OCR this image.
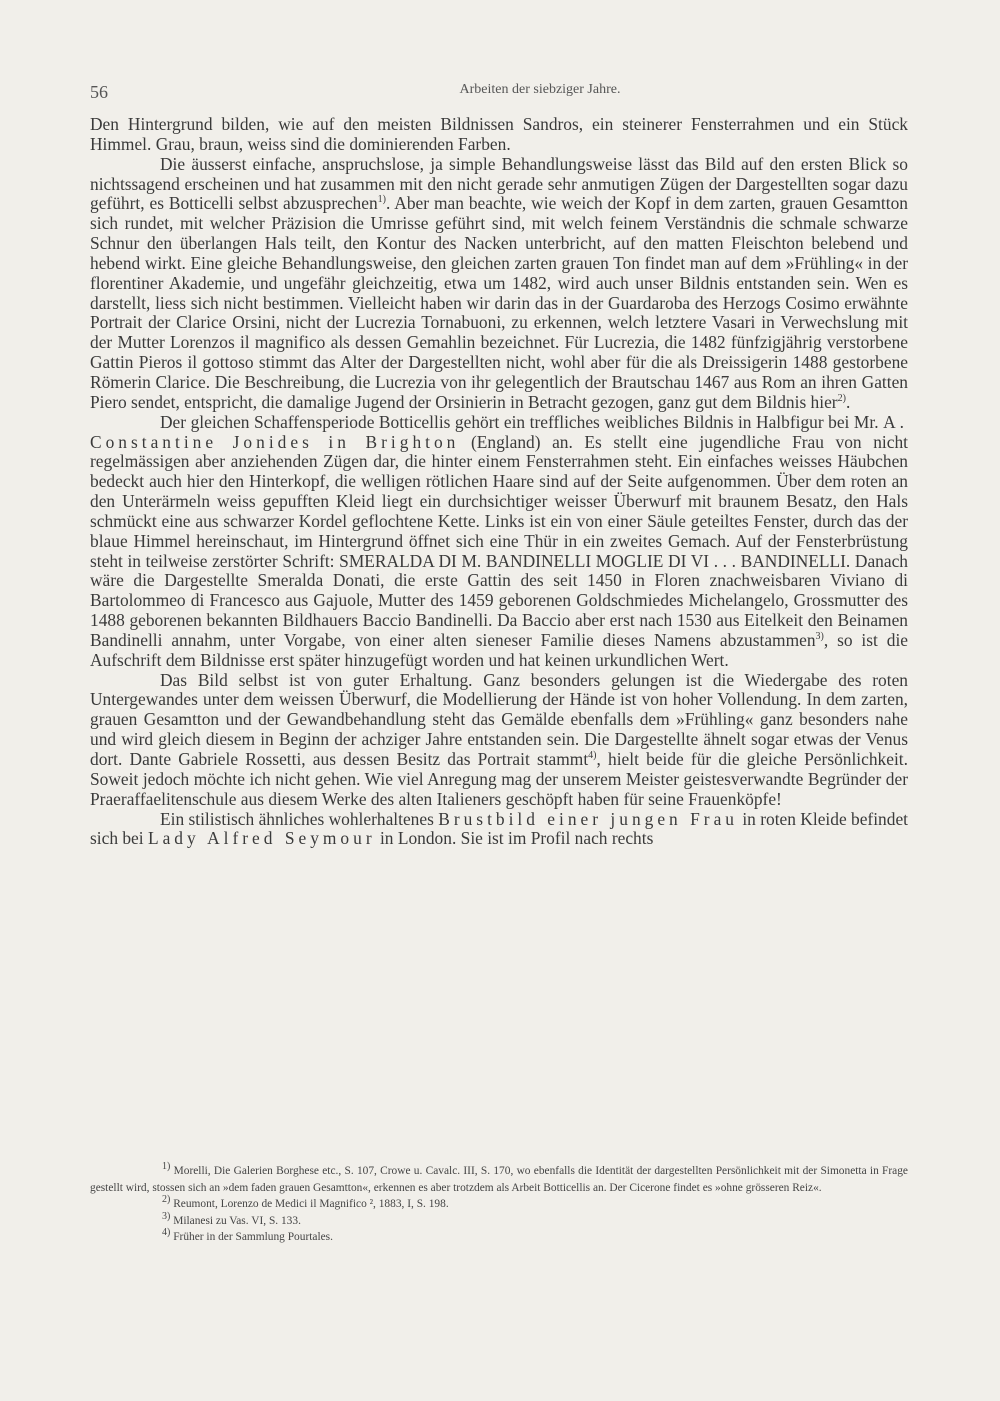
56	Arbeiten der siebziger Jahre.

Den Hintergrund bilden, wie auf den meisten Bildnissen Sandros, ein steinerer Fensterrahmen und ein Stück Himmel. Grau, braun, weiss sind die dominierenden Farben.

Die äusserst einfache, anspruchslose, ja simple Behandlungsweise lässt das Bild auf den ersten Blick so nichtssagend erscheinen und hat zusammen mit den nicht gerade sehr anmutigen Zügen der Dargestellten sogar dazu geführt, es Botticelli selbst abzusprechen$^{1)}$. Aber man beachte, wie weich der Kopf in dem zarten, grauen Gesamtton sich rundet, mit welcher Präzision die Umrisse geführt sind, mit welch feinem Verständnis die schmale schwarze Schnur den überlangen Hals teilt, den Kontur des Nacken unterbricht, auf den matten Fleischton belebend und hebend wirkt. Eine gleiche Behandlungsweise, den gleichen zarten grauen Ton findet man auf dem »Frühling« in der florentiner Akademie, und ungefähr gleichzeitig, etwa um 1482, wird auch unser Bildnis entstanden sein. Wen es darstellt, liess sich nicht bestimmen. Vielleicht haben wir darin das in der Guardaroba des Herzogs Cosimo erwähnte Portrait der Clarice Orsini, nicht der Lucrezia Tornabuoni, zu erkennen, welch letztere Vasari in Verwechslung mit der Mutter Lorenzos il magnifico als dessen Gemahlin bezeichnet. Für Lucrezia, die 1482 fünfzigjährig verstorbene Gattin Pieros il gottoso stimmt das Alter der Dargestellten nicht, wohl aber für die als Dreissigerin 1488 gestorbene Römerin Clarice. Die Beschreibung, die Lucrezia von ihr gelegentlich der Brautschau 1467 aus Rom an ihren Gatten Piero sendet, entspricht, die damalige Jugend der Orsinierin in Betracht gezogen, ganz gut dem Bildnis hier$^{2)}$.

Der gleichen Schaffensperiode Botticellis gehört ein treffliches weibliches Bildnis in Halbfigur bei Mr. A. Constantine Jonides in Brighton (England) an. Es stellt eine jugendliche Frau von nicht regelmässigen aber anziehenden Zügen dar, die hinter einem Fensterrahmen steht. Ein einfaches weisses Häubchen bedeckt auch hier den Hinterkopf, die welligen rötlichen Haare sind auf der Seite aufgenommen. Über dem roten an den Unterärmeln weiss gepufften Kleid liegt ein durchsichtiger weisser Überwurf mit braunem Besatz, den Hals schmückt eine aus schwarzer Kordel geflochtene Kette. Links ist ein von einer Säule geteiltes Fenster, durch das der blaue Himmel hereinschaut, im Hintergrund öffnet sich eine Thür in ein zweites Gemach. Auf der Fensterbrüstung steht in teilweise zerstörter Schrift: SMERALDA DI M. BANDINELLI MOGLIE DI VI . . . BANDINELLI. Danach wäre die Dargestellte Smeralda Donati, die erste Gattin des seit 1450 in Floren znachweisbaren Viviano di Bartolommeo di Francesco aus Gajuole, Mutter des 1459 geborenen Goldschmiedes Michelangelo, Grossmutter des 1488 geborenen bekannten Bildhauers Baccio Bandinelli. Da Baccio aber erst nach 1530 aus Eitelkeit den Beinamen Bandinelli annahm, unter Vorgabe, von einer alten sieneser Familie dieses Namens abzustammen$^{3)}$, so ist die Aufschrift dem Bildnisse erst später hinzugefügt worden und hat keinen urkundlichen Wert.

Das Bild selbst ist von guter Erhaltung. Ganz besonders gelungen ist die Wiedergabe des roten Untergewandes unter dem weissen Überwurf, die Modellierung der Hände ist von hoher Vollendung. In dem zarten, grauen Gesamtton und der Gewandbehandlung steht das Gemälde ebenfalls dem »Frühling« ganz besonders nahe und wird gleich diesem in Beginn der achziger Jahre entstanden sein. Die Dargestellte ähnelt sogar etwas der Venus dort. Dante Gabriele Rossetti, aus dessen Besitz das Portrait stammt$^{4)}$, hielt beide für die gleiche Persönlichkeit. Soweit jedoch möchte ich nicht gehen. Wie viel Anregung mag der unserem Meister geistesverwandte Begründer der Praeraffaelitenschule aus diesem Werke des alten Italieners geschöpft haben für seine Frauenköpfe!

Ein stilistisch ähnliches wohlerhaltenes Brustbild einer jungen Frau in roten Kleide befindet sich bei Lady Alfred Seymour in London. Sie ist im Profil nach rechts

1) Morelli, Die Galerien Borghese etc., S. 107, Crowe u. Cavalc. III, S. 170, wo ebenfalls die Identität der dargestellten Persönlichkeit mit der Simonetta in Frage gestellt wird, stossen sich an »dem faden grauen Gesamtton«, erkennen es aber trotzdem als Arbeit Botticellis an. Der Cicerone findet es »ohne grösseren Reiz«.

2) Reumont, Lorenzo de Medici il Magnifico ², 1883, I, S. 198.

3) Milanesi zu Vas. VI, S. 133.

4) Früher in der Sammlung Pourtales.
